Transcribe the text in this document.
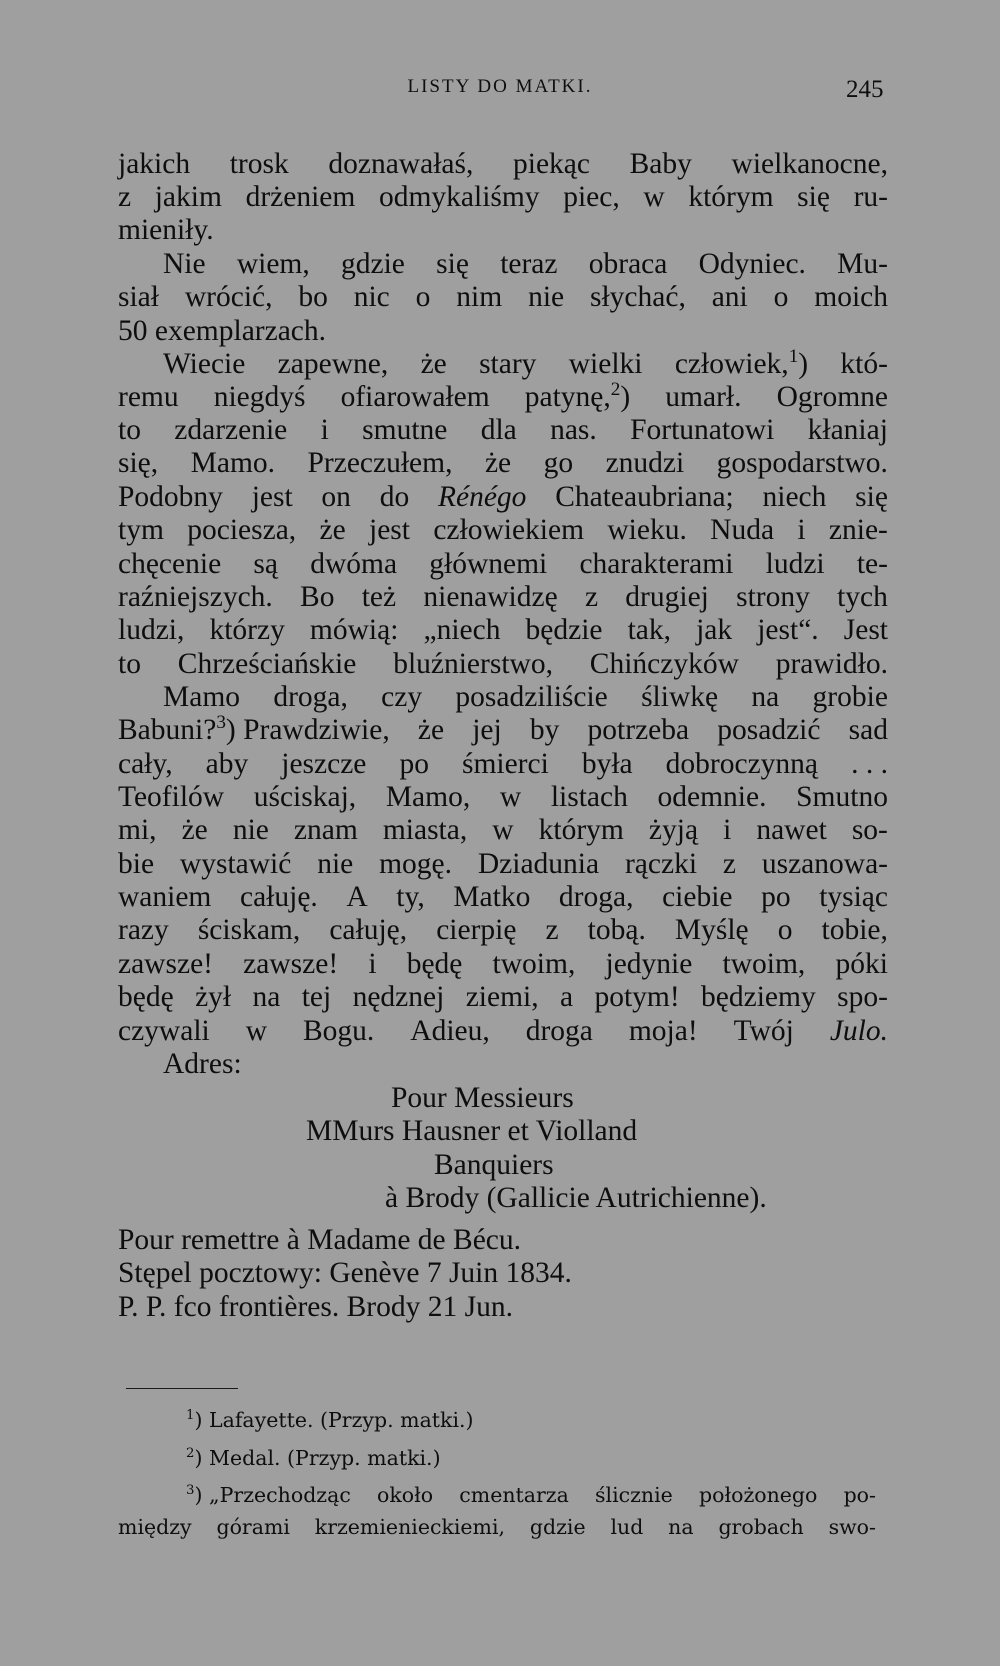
LISTY DO MATKI.	245
jakich trosk doznawałaś, piekąc Baby wielkanocne,
z jakim drżeniem odmykaliśmy piec, w którym się ru-
mieniły.
Nie wiem, gdzie się teraz obraca Odyniec. Mu-
siał wrócić, bo nic o nim nie słychać, ani o moich
50 exemplarzach.
Wiecie zapewne, że stary wielki człowiek,$^1$) któ-
remu niegdyś ofiarowałem patynę,$^2$) umarł. Ogromne
to zdarzenie i smutne dla nas. Fortunatowi kłaniaj
się, Mamo. Przeczułem, że go znudzi gospodarstwo.
Podobny jest on do Rénégo Chateaubriana; niech się
tym pociesza, że jest człowiekiem wieku. Nuda i znie-
chęcenie są dwóma głównemi charakterami ludzi te-
raźniejszych. Bo też nienawidzę z drugiej strony tych
ludzi, którzy mówią: „niech będzie tak, jak jest“. Jest
to Chrześciańskie bluźnierstwo, Chińczyków prawidło.
Mamo droga, czy posadziliście śliwkę na grobie
Babuni?$^3$) Prawdziwie, że jej by potrzeba posadzić sad
cały, aby jeszcze po śmierci była dobroczynną . . .
Teofilów uściskaj, Mamo, w listach odemnie. Smutno
mi, że nie znam miasta, w którym żyją i nawet so-
bie wystawić nie mogę. Dziadunia rączki z uszanowa-
waniem całuję. A ty, Matko droga, ciebie po tysiąc
razy ściskam, całuję, cierpię z tobą. Myślę o tobie,
zawsze! zawsze! i będę twoim, jedynie twoim, póki
będę żył na tej nędznej ziemi, a potym! będziemy spo-
czywali w Bogu. Adieu, droga moja! Twój Julo.
Adres:
Pour Messieurs
MMurs Hausner et Violland
Banquiers
à Brody (Gallicie Autrichienne).
Pour remettre à Madame de Bécu.
Stępel pocztowy: Genève 7 Juin 1834.
P. P. fco frontières. Brody 21 Jun.
$^1$) Lafayette. (Przyp. matki.)
$^2$) Medal. (Przyp. matki.)
$^3$) „Przechodząc około cmentarza ślicznie położonego po-
między górami krzemienieckiemi, gdzie lud na grobach swo-
